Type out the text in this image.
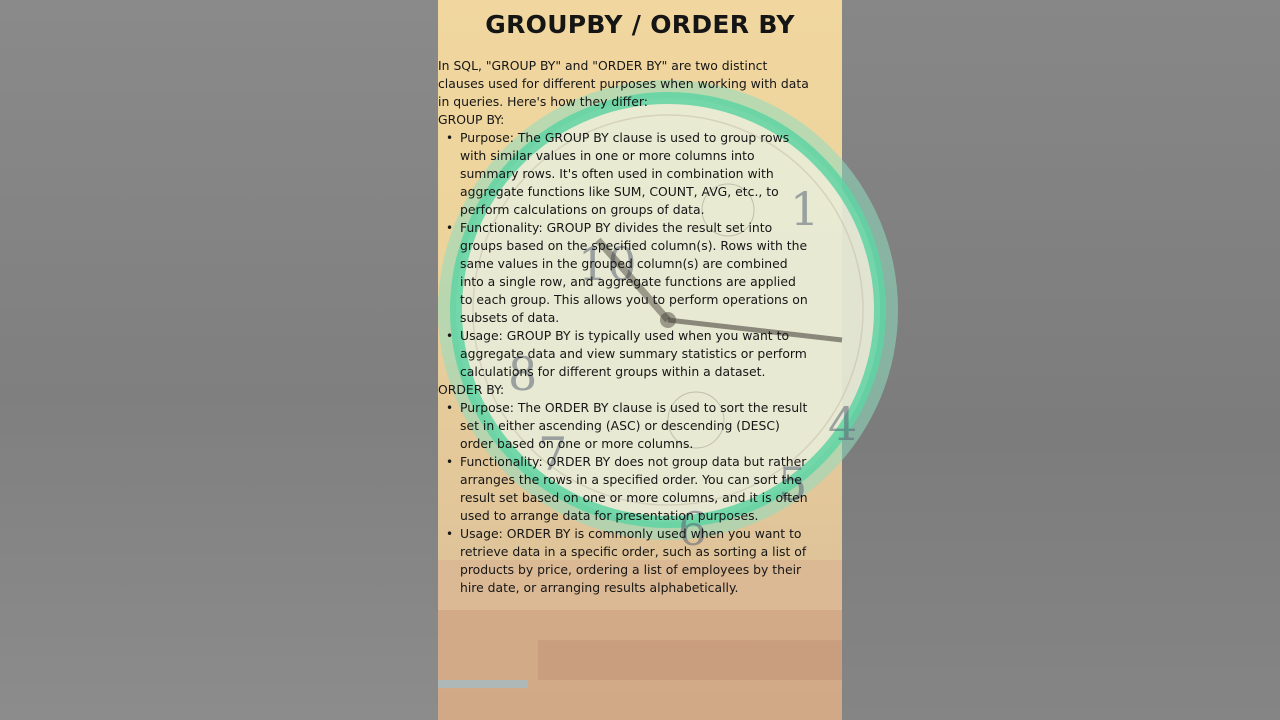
1
4
5
6
7
8
10
GROUPBY / ORDER BY

In SQL, "GROUP BY" and "ORDER BY" are two distinct clauses used for different purposes when working with data in queries. Here's how they differ:

GROUP BY:

• Purpose: The GROUP BY clause is used to group rows with similar values in one or more columns into summary rows. It's often used in combination with aggregate functions like SUM, COUNT, AVG, etc., to perform calculations on groups of data.
• Functionality: GROUP BY divides the result set into groups based on the specified column(s). Rows with the same values in the grouped column(s) are combined into a single row, and aggregate functions are applied to each group. This allows you to perform operations on subsets of data.
• Usage: GROUP BY is typically used when you want to aggregate data and view summary statistics or perform calculations for different groups within a dataset.

ORDER BY:

• Purpose: The ORDER BY clause is used to sort the result set in either ascending (ASC) or descending (DESC) order based on one or more columns.
• Functionality: ORDER BY does not group data but rather arranges the rows in a specified order. You can sort the result set based on one or more columns, and it is often used to arrange data for presentation purposes.
• Usage: ORDER BY is commonly used when you want to retrieve data in a specific order, such as sorting a list of products by price, ordering a list of employees by their hire date, or arranging results alphabetically.
